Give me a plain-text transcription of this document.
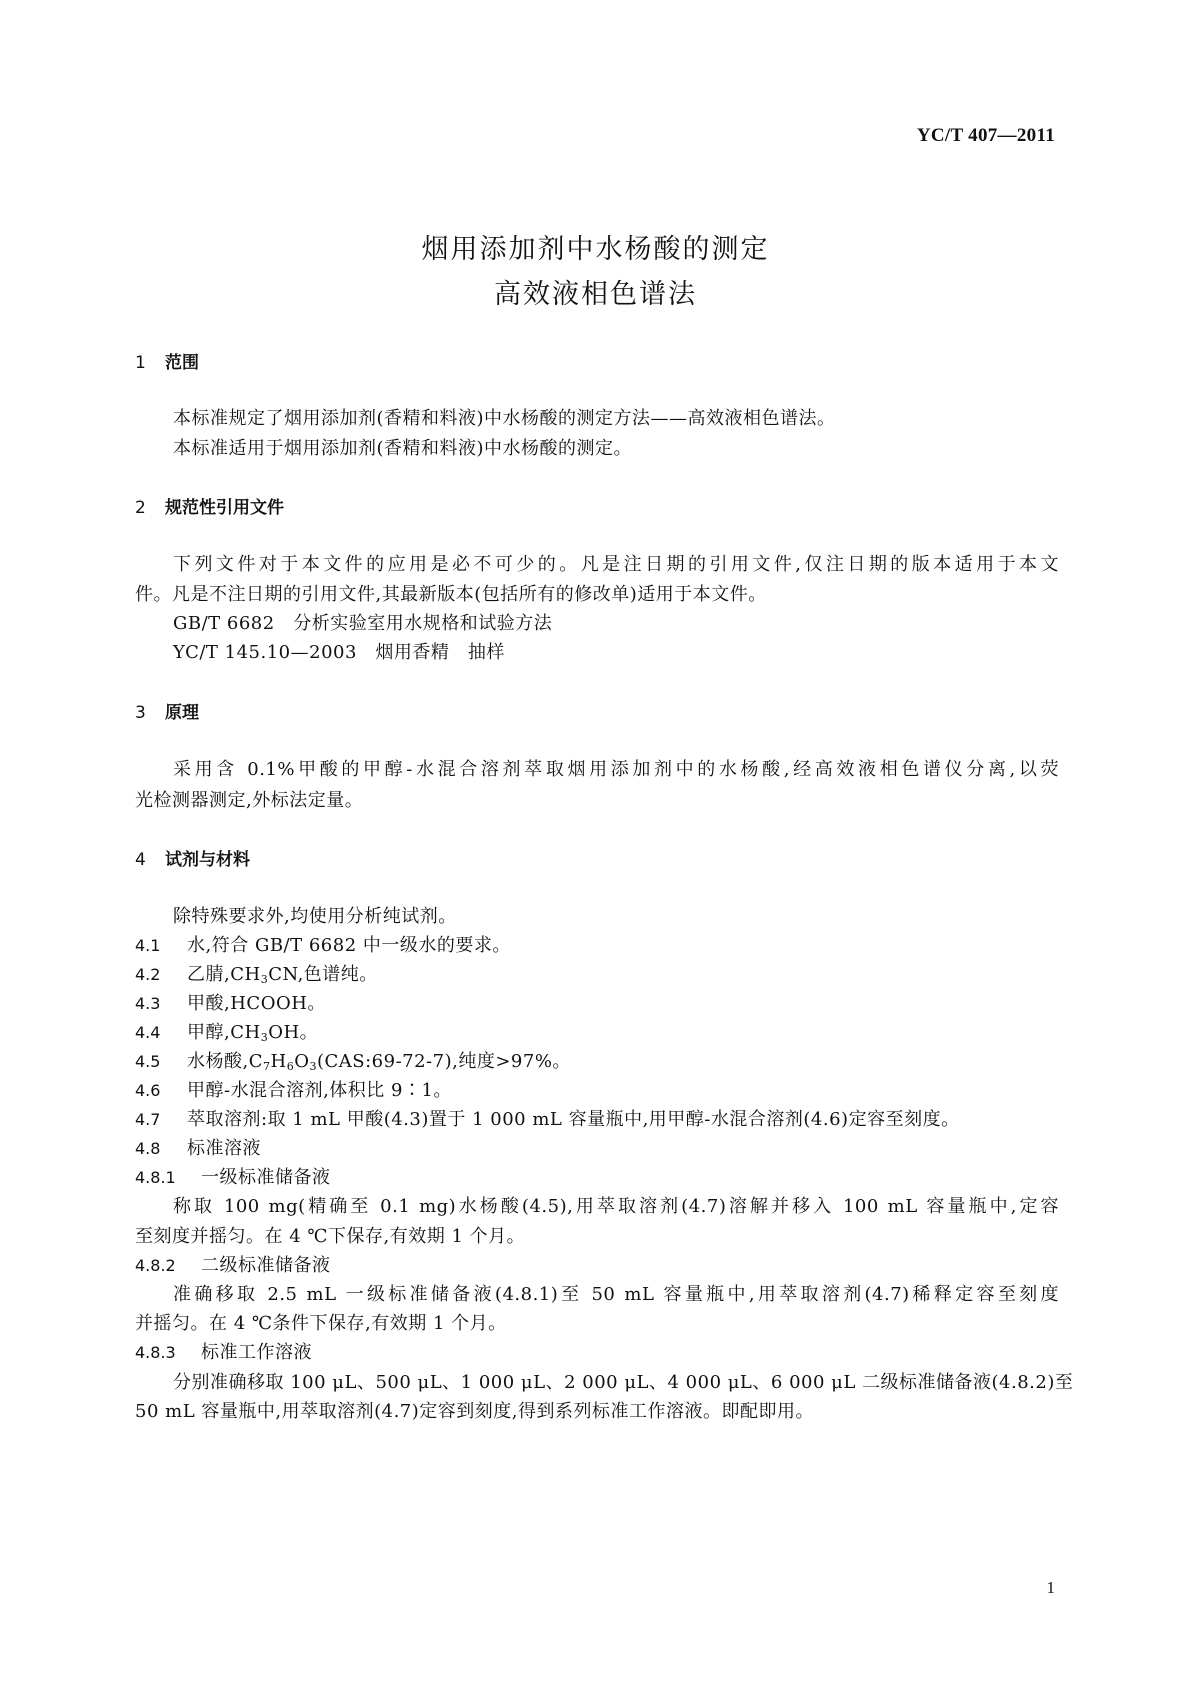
YC/T 407—2011
烟用添加剂中水杨酸的测定
高效液相色谱法
1 范围
本标准规定了烟用添加剂(香精和料液)中水杨酸的测定方法——高效液相色谱法。
本标准适用于烟用添加剂(香精和料液)中水杨酸的测定。
2 规范性引用文件
下列文件对于本文件的应用是必不可少的。凡是注日期的引用文件,仅注日期的版本适用于本文
件。凡是不注日期的引用文件,其最新版本(包括所有的修改单)适用于本文件。
GB/T 6682　 分析实验室用水规格和试验方法
YC/T 145.10—2003　 烟用香精　抽样
3 原理
采用含 0.1%甲酸的甲醇-水混合溶剂萃取烟用添加剂中的水杨酸,经高效液相色谱仪分离,以荧
光检测器测定,外标法定量。
4 试剂与材料
除特殊要求外,均使用分析纯试剂。
4.1 水,符合 GB/T 6682 中一级水的要求。
4.2 乙腈$,CH_3CN$,色谱纯。
4.3 甲酸,HCOOH。
4.4 甲醇$,CH_3OH$。
4.5 水杨酸$,C_7H_6O_3(CAS:69-72-7)$,纯度>97%。
4.6 甲醇-水混合溶剂,体积比 9∶1。
4.7 萃取溶剂:取 1 mL 甲酸(4.3)置于 1 000 mL 容量瓶中,用甲醇-水混合溶剂(4.6)定容至刻度。
4.8 标准溶液
4.8.1 一级标准储备液
称取 100 mg(精确至 0.1 mg)水杨酸(4.5),用萃取溶剂(4.7)溶解并移入 100 mL 容量瓶中,定容
至刻度并摇匀。在 4 ℃下保存,有效期 1 个月。
4.8.2 二级标准储备液
准确移取 2.5 mL 一级标准储备液(4.8.1)至 50 mL 容量瓶中,用萃取溶剂(4.7)稀释定容至刻度
并摇匀。在 4 ℃条件下保存,有效期 1 个月。
4.8.3 标准工作溶液
分别准确移取 100 μL、500 μL、1 000 μL、2 000 μL、4 000 μL、6 000 μL 二级标准储备液(4.8.2)至
50 mL 容量瓶中,用萃取溶剂(4.7)定容到刻度,得到系列标准工作溶液。即配即用。
1
